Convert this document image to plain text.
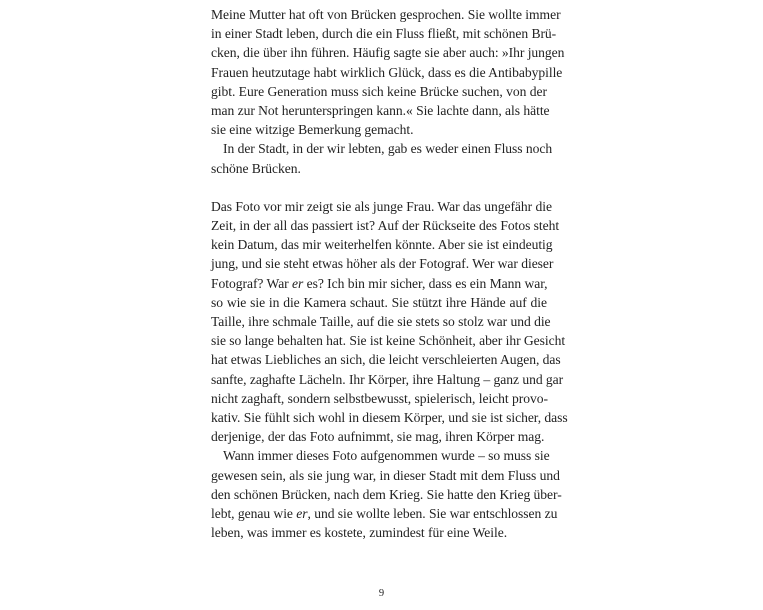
Meine Mutter hat oft von Brücken gesprochen. Sie wollte immer
in einer Stadt leben, durch die ein Fluss fließt, mit schönen Brü-
cken, die über ihn führen. Häufig sagte sie aber auch: »Ihr jungen
Frauen heutzutage habt wirklich Glück, dass es die Antibabypille
gibt. Eure Generation muss sich keine Brücke suchen, von der
man zur Not herunterspringen kann.« Sie lachte dann, als hätte
sie eine witzige Bemerkung gemacht.
In der Stadt, in der wir lebten, gab es weder einen Fluss noch
schöne Brücken.
Das Foto vor mir zeigt sie als junge Frau. War das ungefähr die
Zeit, in der all das passiert ist? Auf der Rückseite des Fotos steht
kein Datum, das mir weiterhelfen könnte. Aber sie ist eindeutig
jung, und sie steht etwas höher als der Fotograf. Wer war dieser
Fotograf? War er es? Ich bin mir sicher, dass es ein Mann war,
so wie sie in die Kamera schaut. Sie stützt ihre Hände auf die
Taille, ihre schmale Taille, auf die sie stets so stolz war und die
sie so lange behalten hat. Sie ist keine Schönheit, aber ihr Gesicht
hat etwas Liebliches an sich, die leicht verschleierten Augen, das
sanfte, zaghafte Lächeln. Ihr Körper, ihre Haltung – ganz und gar
nicht zaghaft, sondern selbstbewusst, spielerisch, leicht provo-
kativ. Sie fühlt sich wohl in diesem Körper, und sie ist sicher, dass
derjenige, der das Foto aufnimmt, sie mag, ihren Körper mag.
Wann immer dieses Foto aufgenommen wurde – so muss sie
gewesen sein, als sie jung war, in dieser Stadt mit dem Fluss und
den schönen Brücken, nach dem Krieg. Sie hatte den Krieg über-
lebt, genau wie er, und sie wollte leben. Sie war entschlossen zu
leben, was immer es kostete, zumindest für eine Weile.
9
